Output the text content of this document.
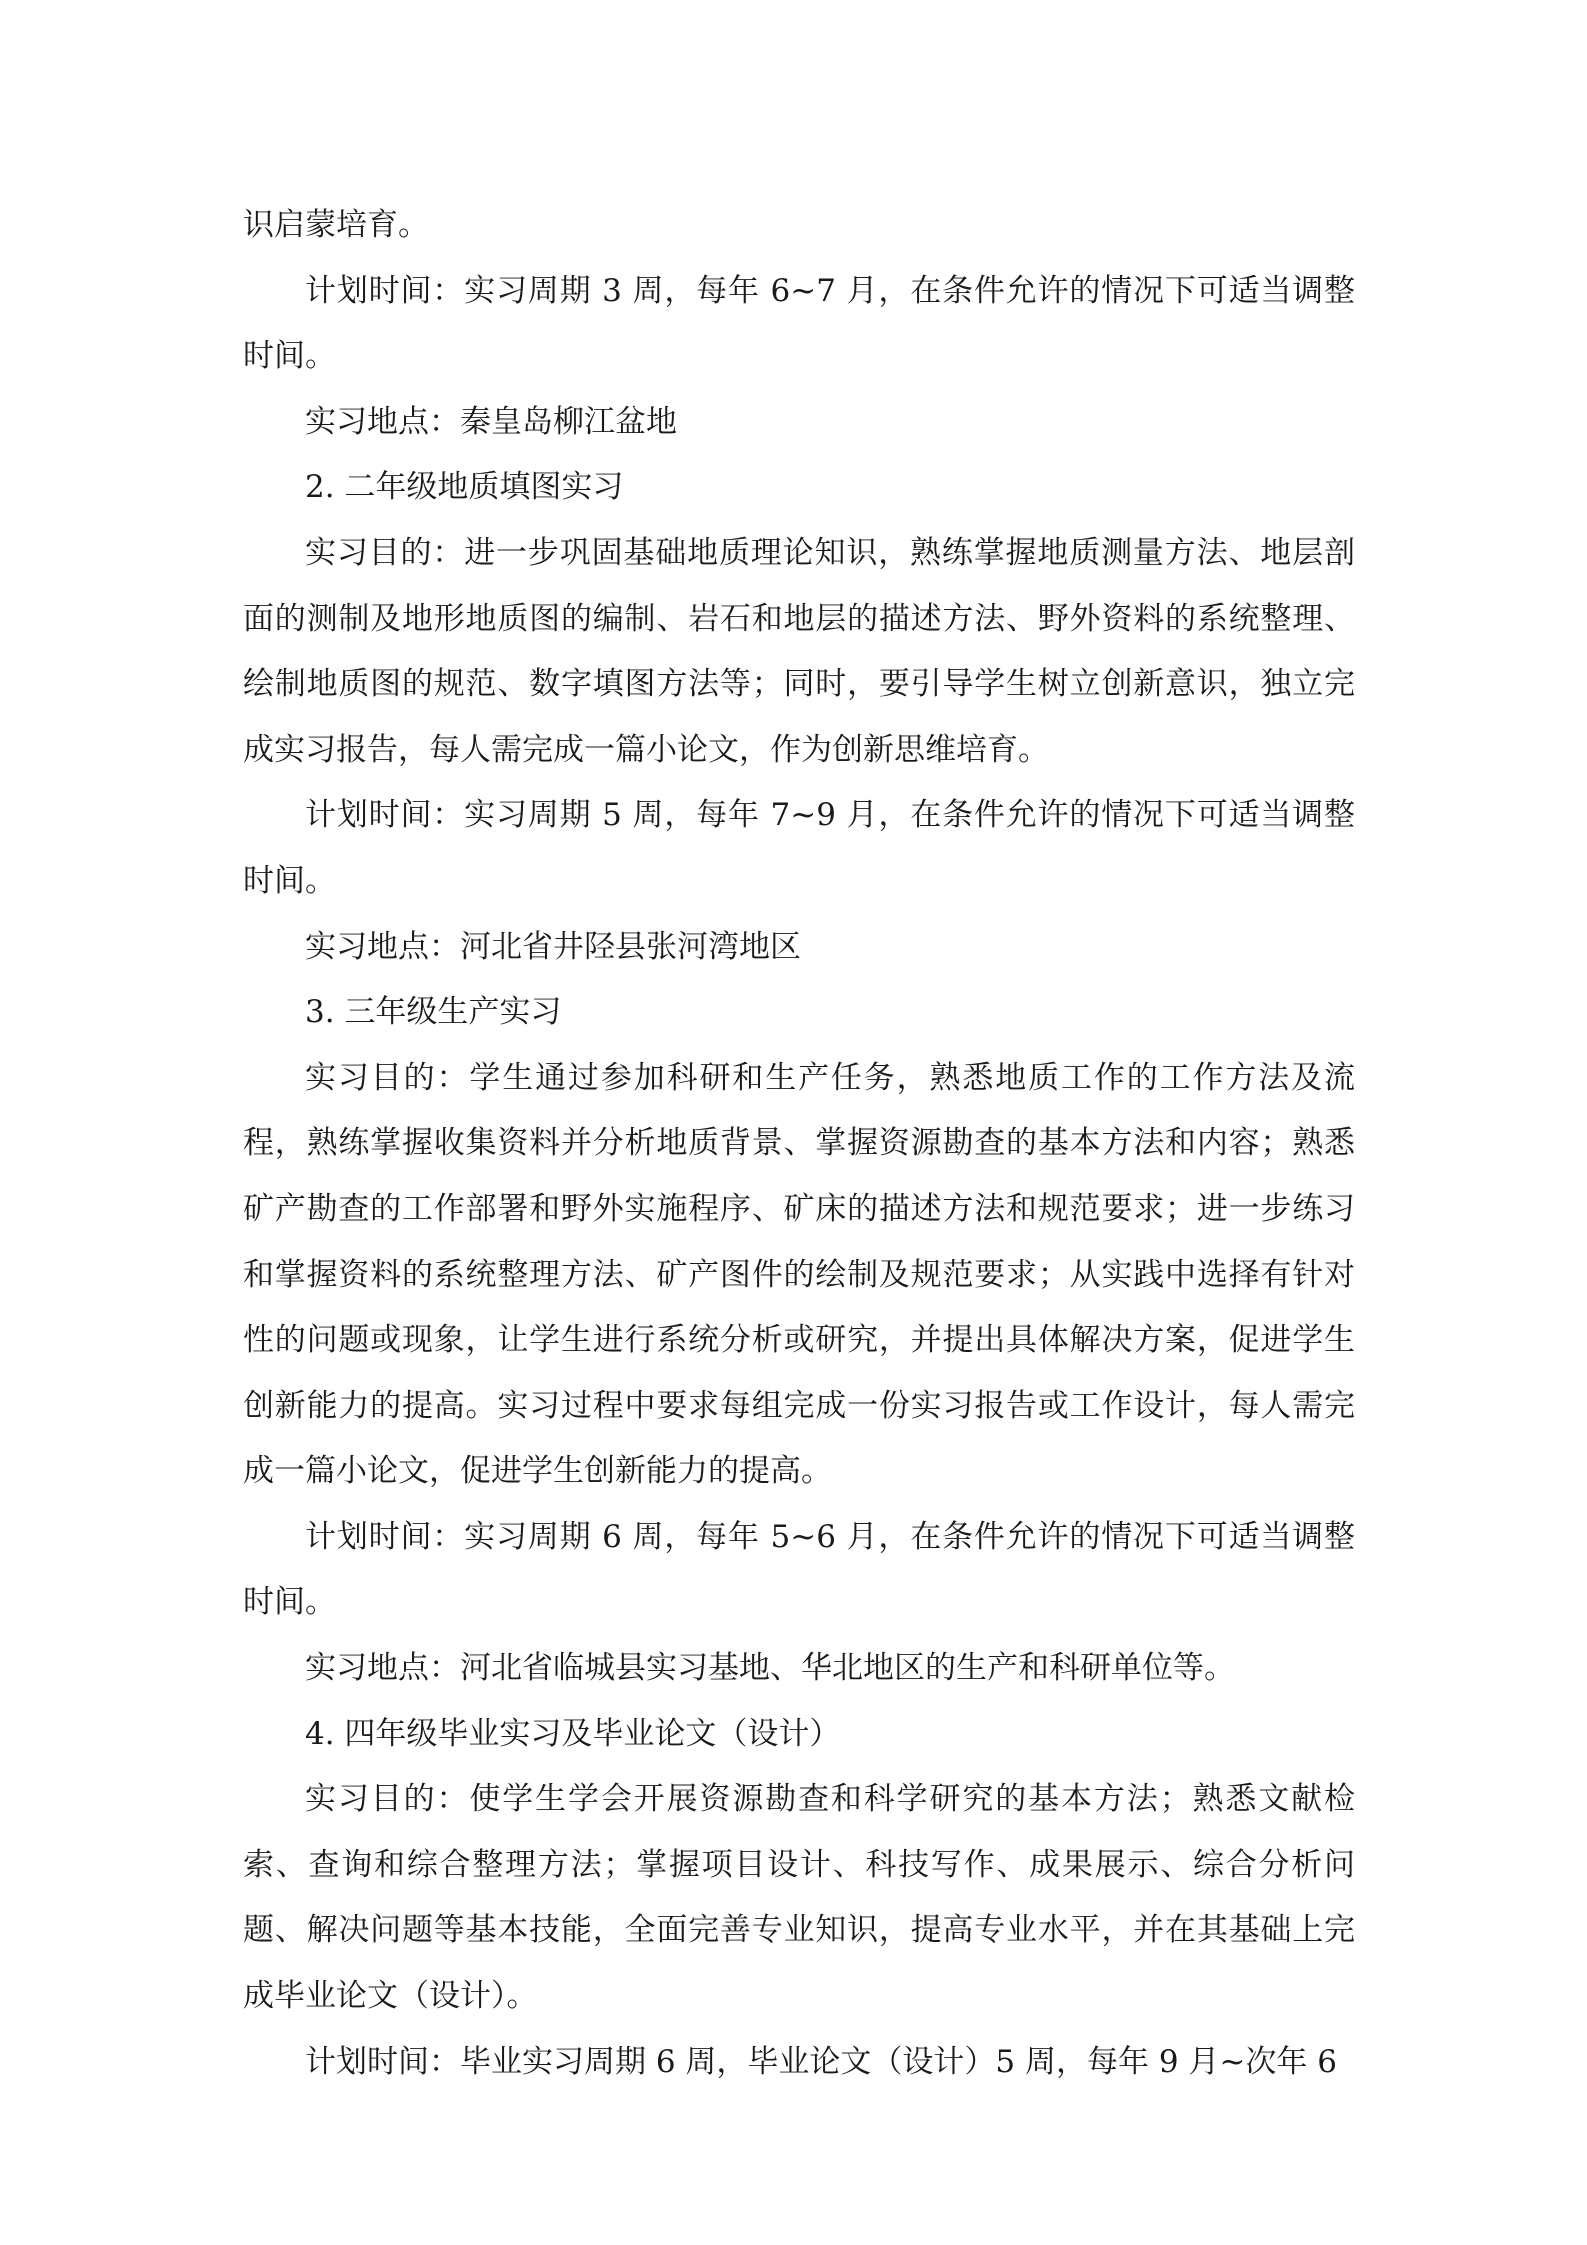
识启蒙培育。

计划时间：实习周期 3 周，每年 6~7 月，在条件允许的情况下可适当调整时间。

实习地点：秦皇岛柳江盆地

2. 二年级地质填图实习

实习目的：进一步巩固基础地质理论知识，熟练掌握地质测量方法、地层剖面的测制及地形地质图的编制、岩石和地层的描述方法、野外资料的系统整理、绘制地质图的规范、数字填图方法等；同时，要引导学生树立创新意识，独立完成实习报告，每人需完成一篇小论文，作为创新思维培育。

计划时间：实习周期 5 周，每年 7~9 月，在条件允许的情况下可适当调整时间。

实习地点：河北省井陉县张河湾地区

3. 三年级生产实习

实习目的：学生通过参加科研和生产任务，熟悉地质工作的工作方法及流程，熟练掌握收集资料并分析地质背景、掌握资源勘查的基本方法和内容；熟悉矿产勘查的工作部署和野外实施程序、矿床的描述方法和规范要求；进一步练习和掌握资料的系统整理方法、矿产图件的绘制及规范要求；从实践中选择有针对性的问题或现象，让学生进行系统分析或研究，并提出具体解决方案，促进学生创新能力的提高。实习过程中要求每组完成一份实习报告或工作设计，每人需完成一篇小论文，促进学生创新能力的提高。

计划时间：实习周期 6 周，每年 5~6 月，在条件允许的情况下可适当调整时间。

实习地点：河北省临城县实习基地、华北地区的生产和科研单位等。

4. 四年级毕业实习及毕业论文（设计）

实习目的：使学生学会开展资源勘查和科学研究的基本方法；熟悉文献检索、查询和综合整理方法；掌握项目设计、科技写作、成果展示、综合分析问题、解决问题等基本技能，全面完善专业知识，提高专业水平，并在其基础上完成毕业论文（设计）。

计划时间：毕业实习周期 6 周，毕业论文（设计）5 周，每年 9 月~次年 6
